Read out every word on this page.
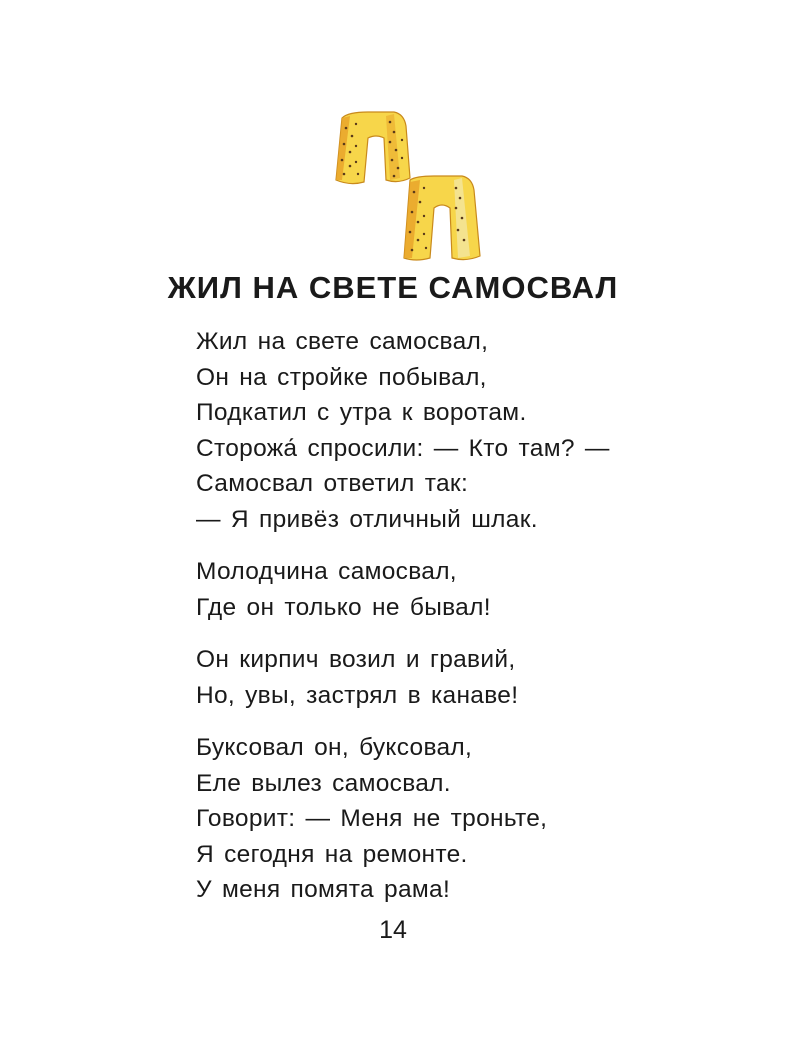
ЖИЛ НА СВЕТЕ САМОСВАЛ
Жил на свете самосвал,
Он на стройке побывал,
Подкатил с утра к воротам.
Сторожа́ спросили: — Кто там? —
Самосвал ответил так:
— Я привёз отличный шлак.
Молодчина самосвал,
Где он только не бывал!
Он кирпич возил и гравий,
Но, увы, застрял в канаве!
Буксовал он, буксовал,
Еле вылез самосвал.
Говорит: — Меня не троньте,
Я сегодня на ремонте.
У меня помята рама!
14
